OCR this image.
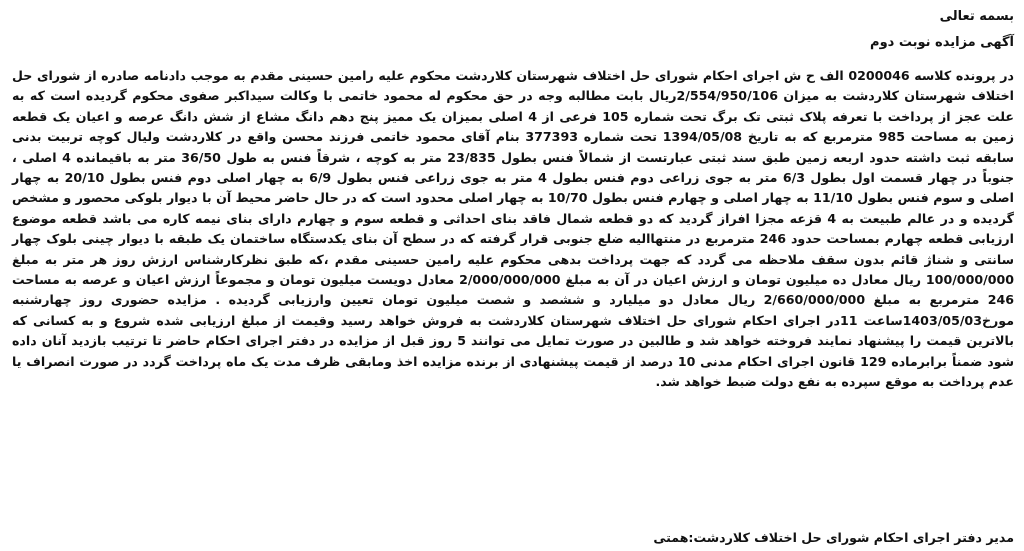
بسمه تعالی

آگهی مزایده نوبت دوم

در پرونده کلاسه 0200046 الف ح ش اجرای احکام شورای حل اختلاف شهرستان کلاردشت محکوم علیه رامین حسینی مقدم به موجب دادنامه صادره از شورای حل اختلاف شهرستان کلاردشت به میزان 2/554/950/106ریال بابت مطالبه وجه در حق محکوم له محمود خاتمی با وکالت سیداکبر صفوی محکوم گردیده است که به علت عجز از پرداخت با تعرفه پلاک ثبتی تک برگ تحت شماره 105 فرعی از 4 اصلی بمیزان یک ممیز پنج دهم دانگ مشاع از شش دانگ عرصه و اعیان یک قطعه زمین به مساحت 985 مترمربع که به تاریخ 1394/05/08 تحت شماره 377393 بنام آقای محمود خاتمی فرزند محسن واقع در کلاردشت ولیال کوچه تربیت بدنی سابقه ثبت داشته حدود اربعه زمین طبق سند ثبتی عبارتست از شمالاً فنس بطول 23/835 متر به کوچه ، شرقاً فنس به طول 36/50 متر به باقیمانده 4 اصلی ، جنوباً در چهار قسمت اول بطول 6/3 متر به جوی زراعی دوم فنس بطول 4 متر به جوی زراعی فنس بطول 6/9 به چهار اصلی دوم فنس بطول 20/10 به چهار اصلی و سوم فنس بطول 11/10 به چهار اصلی و چهارم فنس بطول 10/70 به چهار اصلی محدود است که در حال حاضر محیط آن با دیوار بلوکی محصور و مشخص گردیده و در عالم طبیعت به 4 قزعه مجزا افراز گردید که دو قطعه شمال فاقد بنای احداثی و قطعه سوم و چهارم دارای بنای نیمه کاره می باشد قطعه موضوع ارزیابی قطعه چهارم بمساحت حدود 246 مترمربع در منتهاالیه ضلع جنوبی قرار گرفته که در سطح آن بنای یکدستگاه ساختمان یک طبقه با دیوار چینی بلوک چهار سانتی و شناژ قائم بدون سقف ملاحظه می گردد که جهت پرداخت بدهی محکوم علیه رامین حسینی مقدم ،که طبق نظرکارشناس ارزش روز هر متر به مبلغ 100/000/000 ریال معادل ده میلیون تومان و ارزش اعیان در آن به مبلغ 2/000/000/000 معادل دویست میلیون تومان و مجموعاً ارزش اعیان و عرصه به مساحت 246 مترمربع به مبلغ 2/660/000/000 ریال معادل دو میلیارد و ششصد و شصت میلیون تومان تعیین وارزیابی گردیده . مزایده حضوری روز چهارشنبه مورخ1403/05/03ساعت 11در اجرای احکام شورای حل اختلاف شهرستان کلاردشت به فروش خواهد رسید وقیمت از مبلغ ارزیابی شده شروع و به کسانی که بالاترین قیمت را پیشنهاد نمایند فروخته خواهد شد و طالبین در صورت تمایل می توانند 5 روز قبل از مزایده در دفتر اجرای احکام حاضر تا ترتیب بازدید آنان داده شود ضمناً برابرماده 129 قانون اجرای احکام مدنی 10 درصد از قیمت پیشنهادی از برنده مزایده اخذ ومابقی ظرف مدت یک ماه پرداخت گردد در صورت انصراف یا عدم پرداخت به موقع سپرده به نفع دولت ضبط خواهد شد.

مدیر دفتر اجرای احکام شورای حل اختلاف کلاردشت:همتی
